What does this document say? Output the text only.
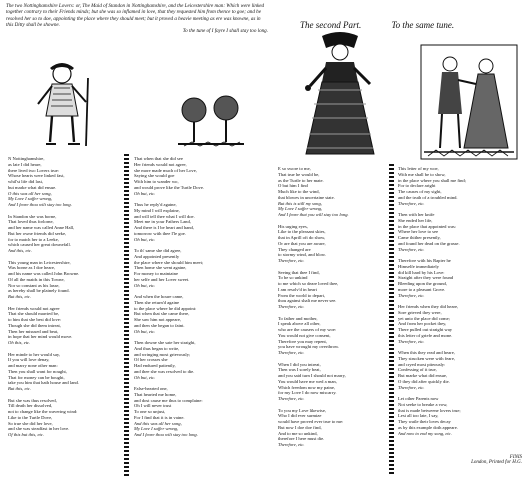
The two Nottinghamshire Lovers: or, The Maid of Standon in Nottinghamshire, and the Leicestershire man: Which were linked together contrary to their Friends minds; but she was so inflamed in love, that they requested him from thence to goe; and he resolved her so to doe, appointing the place where they should meet; but it proved a heavie meeting as ere was knowne, as in this Ditty shall be showne.
To the tune of I fayre I shall stay too long.
The second Part.	To the same tune.

N Nottinghamshire,

as late I did heare,

there lived two Lovers true:

Whose hearts were linked fast,

whil'st life did last,

but marke what did ensue.

O this was all her song,

My Love I suffer wrong,

And I feare thou wilt stay too long.

In Standon she was borne,

That loved thus forlorne,

and her name was called Anne Hall,

But her owne friends did seeke,

for to match her to a Leeke,

which caused her great downefall.

And this, etc.

This young man in Leicestershire,

Was borne as I doe heare,

and his name was called John Browne.

Of all the maids in this Towne,

Nor so constant as his lasse,

as hereby shall be plainely found.

But this, etc.

Her friends would not agree

That she should married be,

to him that she best did love:

Though she did them intreat,

Then her misused and beat,

in hope that her mind would move.

Oh this, etc.

Her minde to her would say,

If you will love denay,

and marry none other man:

Then you shall want for nought,

That for money can be bought,

take you him that hath house and land.

But this, etc.

But she was thus resolved,

Till death her dissolved,

not to change like the wavering wind:

Like to the Turtle Dove,

So true she did her love,

and she was steadfast in her love.

Of this but this, etc.

That when that she did see

Her friends would not agree,

she more made much of her Love,

Saying she would goe

With him to wander wo,

and would prove like the Turtle Dove.

Oh but, etc.

Thus he reply'd againe,

My mind I will explaine,

and will tell thee what I will doe.

Meet me in your Fathers Land,

And there is I be heart and hand,

tomorrow with thee I'le goe.

Oh but, etc.

To th' same she did agree,

And appointed presently

the place where she should him meet;

Then home she went againe,

For money to maintaine

her selfe and her Lover sweet.

Oh but, etc.

And when the houre came,

Then she return'd againe

to the place where he did appoint:

But when that she came there,

She saw him not appeare,

and then she began to faint.

Oh but, etc.

Then downe she sate her straight,

And thus began to write,

and wringing most grievously;

Of her crosses she

Had endured patiently,

and thee she was resolved to die.

Oh but, etc.

False-hearted one,

That hearted me home,

and dost cause me thus to complaine:

Oh I will never trust

To one so unjust,

For I find that it is in vaine.

And this was all her song,

My Love I suffer wrong,

And I feare thou wilt stay too long.

E so swore to me,

That true he would be,

as the Turtle to her mate.

O but him I find

Much like to the wind,

that blowes in uncertaine state.

But this is still my song,

My Love I suffer wrong,

And I feare that you will stay too long.

His urging eyes,

Like to the pleasant skies,

that in Aprill oft do show,

Or are that you are aware,

They changed are

to stormy wind, and blow.

Therefore, etc.

Seeing that thee I find,

To be so unkind

to me which so deare loved thee,

I am resolv'd in heart

From the world to depart,

thou against shalt me never see.

Therefore, etc.

To father and mother,

I speak above all other,

who are the causers of my woe:

You would not give consent,

Therefore you may repent,

you have wrought my overthrow.

Therefore, etc.

When I did you intreat,

Then was I sorely beat,

and you said turn I should not marry,

You would have me wed a man,

Which freedom now my paine,

for my Love I do now miscarry.

Therefore, etc.

To you my Love likewise,

Who I did ever surmize

would have proved ever true to me:

But now I doe doe find,

And to me so unkind,

therefore I here must die.

Therefore, etc.

This letter of my woe,

With me shall be to show,

in the place where you shall me find;

For to declare aright

The causes of my sight,

and the truth of a troubled mind.

Therefore, etc.

Then with her knife

She ended her life,

in the place that appointed was:

Where her love to see

Came thither presently,

and found her dead on the grasse.

Therefore, etc.

Therefore with his Rapier he

Himselfe immediately

did kill hard by his Love:

Straight after they were found

Bleeding upon the ground,

more to a pleasant Grove.

Therefore, etc.

Her friends when they did heare,

Sore grieved they were,

yet unto the place did come;

And from her pocket they,

There pulled out straight way

this letter of griefe and mone.

Therefore, etc.

When this they read and heare,

They strucken were with feare,

and cryed most piteously:

Confessing of it true,

But marke what did ensue,

O they did after quickly die.

Therefore, etc.

Let other Parents now

Not seeke to breake a vow,

that is made betweene lovers true;

Lest all too late, I say,

They waile their loves decay

as by this example doth appeare.

And now to end my song, etc.

FINIS
London, Printed for H.G.
